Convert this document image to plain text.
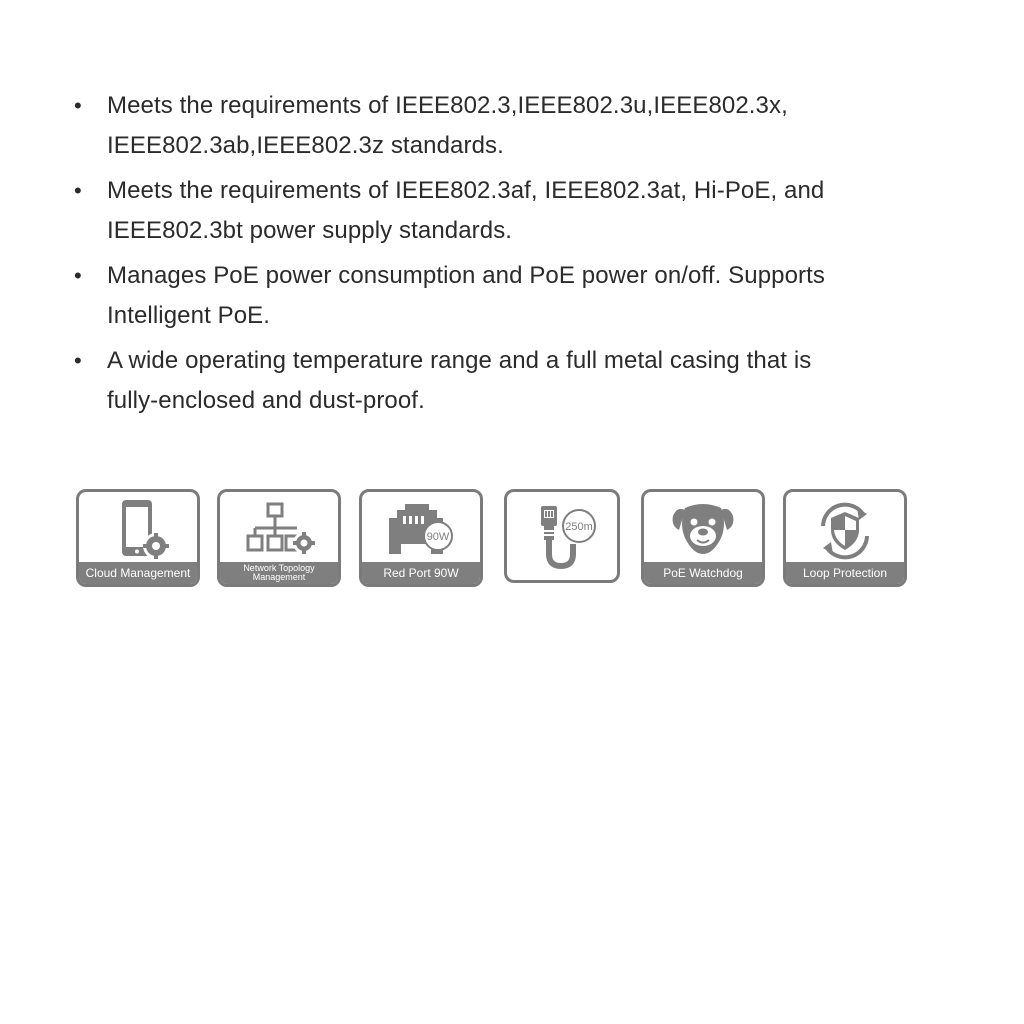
• Meets the requirements of IEEE802.3,IEEE802.3u,IEEE802.3x,
IEEE802.3ab,IEEE802.3z standards.
• Meets the requirements of IEEE802.3af, IEEE802.3at, Hi-PoE, and
IEEE802.3bt power supply standards.
• Manages PoE power consumption and PoE power on/off. Supports
Intelligent PoE.
• A wide operating temperature range and a full metal casing that is
fully-enclosed and dust-proof.
Cloud Management	Network Topology
Management
90W
Red Port 90W
250m
PoE Watchdog	Loop Protection
